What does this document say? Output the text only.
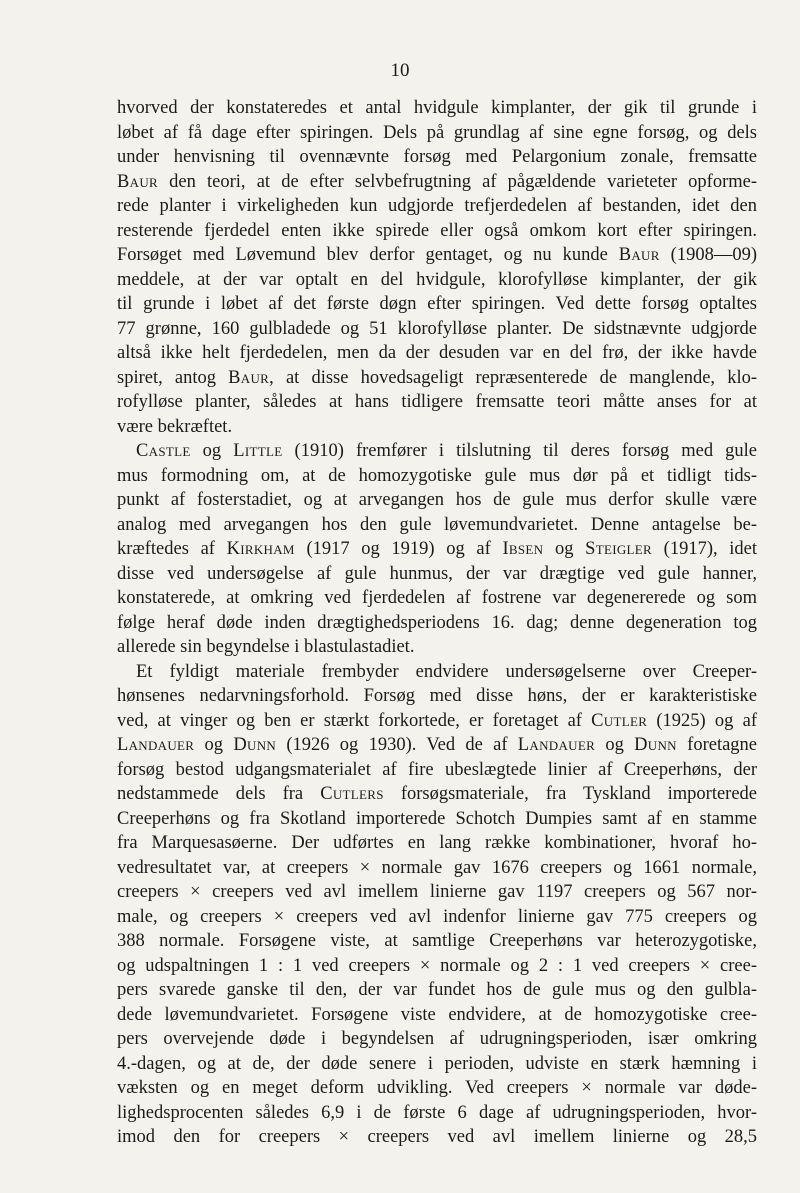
10
hvorved der konstateredes et antal hvidgule kimplanter, der gik til grunde i
løbet af få dage efter spiringen. Dels på grundlag af sine egne forsøg, og dels
under henvisning til ovennævnte forsøg med Pelargonium zonale, fremsatte
Baur den teori, at de efter selvbefrugtning af pågældende varieteter opforme-
rede planter i virkeligheden kun udgjorde trefjerdedelen af bestanden, idet den
resterende fjerdedel enten ikke spirede eller også omkom kort efter spiringen.
Forsøget med Løvemund blev derfor gentaget, og nu kunde Baur (1908—09)
meddele, at der var optalt en del hvidgule, klorofylløse kimplanter, der gik
til grunde i løbet af det første døgn efter spiringen. Ved dette forsøg optaltes
77 grønne, 160 gulbladede og 51 klorofylløse planter. De sidstnævnte udgjorde
altså ikke helt fjerdedelen, men da der desuden var en del frø, der ikke havde
spiret, antog Baur, at disse hovedsageligt repræsenterede de manglende, klo-
rofylløse planter, således at hans tidligere fremsatte teori måtte anses for at
være bekræftet.
Castle og Little (1910) fremfører i tilslutning til deres forsøg med gule
mus formodning om, at de homozygotiske gule mus dør på et tidligt tids-
punkt af fosterstadiet, og at arvegangen hos de gule mus derfor skulle være
analog med arvegangen hos den gule løvemundvarietet. Denne antagelse be-
kræftedes af Kirkham (1917 og 1919) og af Ibsen og Steigler (1917), idet
disse ved undersøgelse af gule hunmus, der var drægtige ved gule hanner,
konstaterede, at omkring ved fjerdedelen af fostrene var degenererede og som
følge heraf døde inden drægtighedsperiodens 16. dag; denne degeneration tog
allerede sin begyndelse i blastulastadiet.
Et fyldigt materiale frembyder endvidere undersøgelserne over Creeper-
hønsenes nedarvningsforhold. Forsøg med disse høns, der er karakteristiske
ved, at vinger og ben er stærkt forkortede, er foretaget af Cutler (1925) og af
Landauer og Dunn (1926 og 1930). Ved de af Landauer og Dunn foretagne
forsøg bestod udgangsmaterialet af fire ubeslægtede linier af Creeperhøns, der
nedstammede dels fra Cutlers forsøgsmateriale, fra Tyskland importerede
Creeperhøns og fra Skotland importerede Schotch Dumpies samt af en stamme
fra Marquesasøerne. Der udførtes en lang række kombinationer, hvoraf ho-
vedresultatet var, at creepers × normale gav 1676 creepers og 1661 normale,
creepers × creepers ved avl imellem linierne gav 1197 creepers og 567 nor-
male, og creepers × creepers ved avl indenfor linierne gav 775 creepers og
388 normale. Forsøgene viste, at samtlige Creeperhøns var heterozygotiske,
og udspaltningen 1 : 1 ved creepers × normale og 2 : 1 ved creepers × cree-
pers svarede ganske til den, der var fundet hos de gule mus og den gulbla-
dede løvemundvarietet. Forsøgene viste endvidere, at de homozygotiske cree-
pers overvejende døde i begyndelsen af udrugningsperioden, især omkring
4.-dagen, og at de, der døde senere i perioden, udviste en stærk hæmning i
væksten og en meget deform udvikling. Ved creepers × normale var døde-
lighedsprocenten således 6,9 i de første 6 dage af udrugningsperioden, hvor-
imod den for creepers × creepers ved avl imellem linierne og 28,5
